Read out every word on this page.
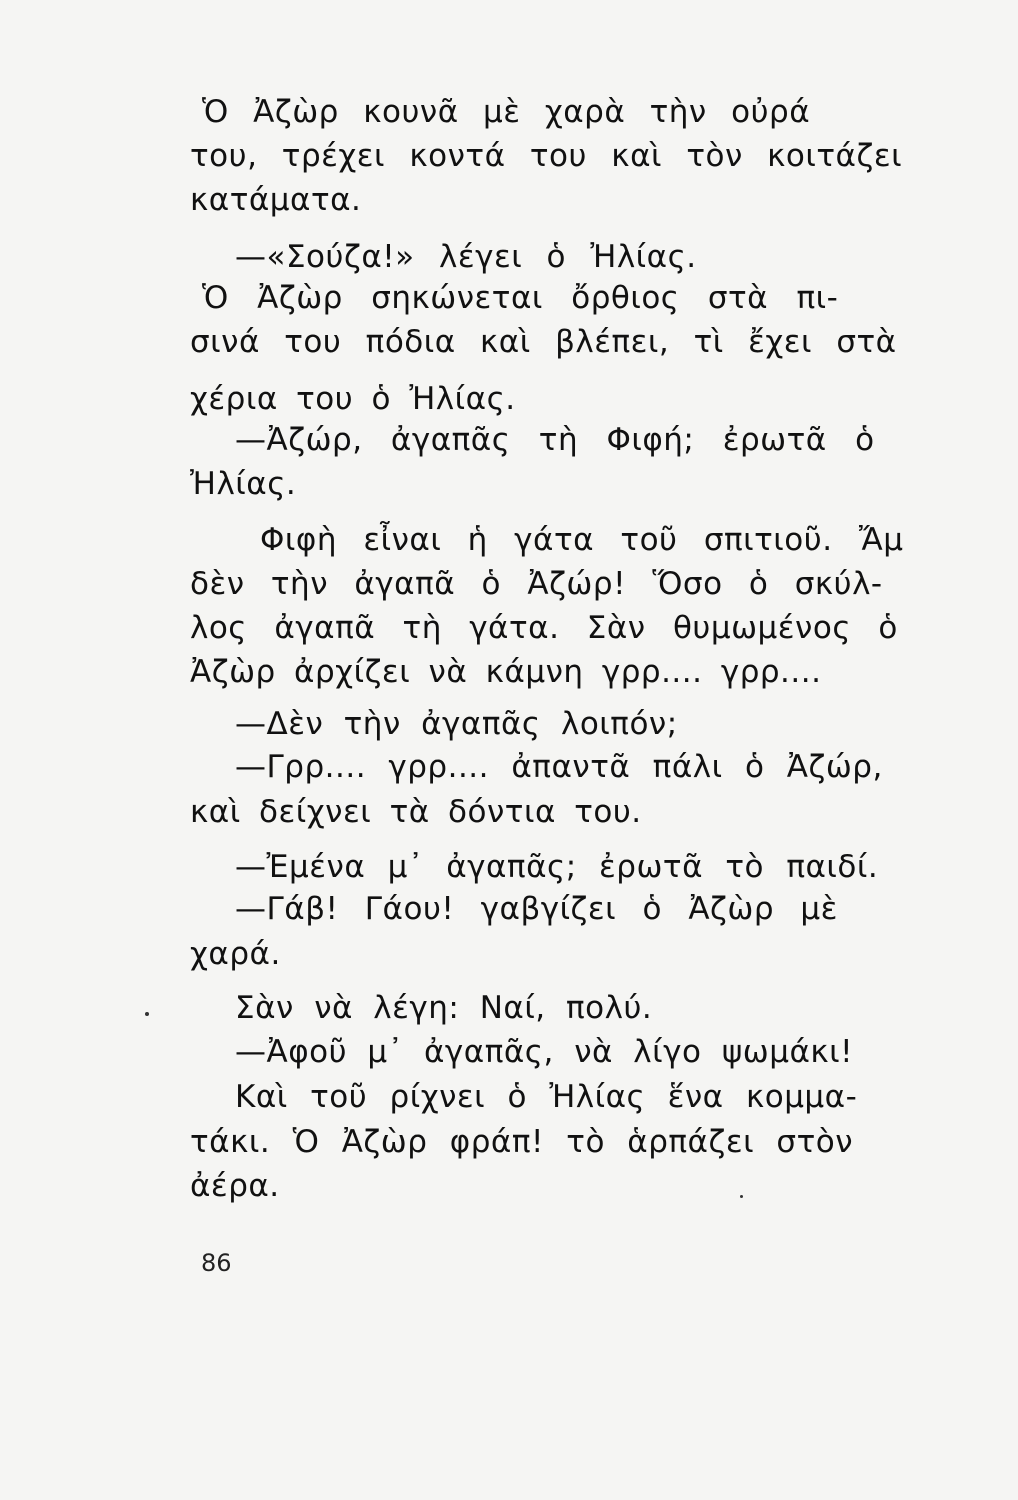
Ὁ Ἀζὼρ κουνᾶ μὲ χαρὰ τὴν οὐρά
του, τρέχει κοντά του καὶ τὸν κοιτάζει
κατάματα.
—«Σούζα!» λέγει ὁ Ἠλίας.
Ὁ Ἀζὼρ σηκώνεται ὄρθιος στὰ πι-
σινά του πόδια καὶ βλέπει, τὶ ἔχει στὰ
χέρια του ὁ Ἠλίας.
—Ἀζώρ, ἀγαπᾶς τὴ Φιφή; ἐρωτᾶ ὁ
Ἠλίας.
Φιφὴ εἶναι ἡ γάτα τοῦ σπιτιοῦ. Ἄμ
δὲν τὴν ἀγαπᾶ ὁ Ἀζώρ! Ὅσο ὁ σκύλ-
λος ἀγαπᾶ τὴ γάτα. Σὰν θυμωμένος ὁ
Ἀζὼρ ἀρχίζει νὰ κάμνη γρρ.... γρρ....
—Δὲν τὴν ἀγαπᾶς λοιπόν;
—Γρρ.... γρρ.... ἀπαντᾶ πάλι ὁ Ἀζώρ,
καὶ δείχνει τὰ δόντια του.
—Ἐμένα μ᾿ ἀγαπᾶς; ἐρωτᾶ τὸ παιδί.
—Γάβ! Γάου! γαβγίζει ὁ Ἀζὼρ μὲ
χαρά.
Σὰν νὰ λέγη: Ναί, πολύ.
—Ἀφοῦ μ᾿ ἀγαπᾶς, νὰ λίγο ψωμάκι!
Καὶ τοῦ ρίχνει ὁ Ἠλίας ἕνα κομμα-
τάκι. Ὁ Ἀζὼρ φράπ! τὸ ἁρπάζει στὸν
ἀέρα.
86
